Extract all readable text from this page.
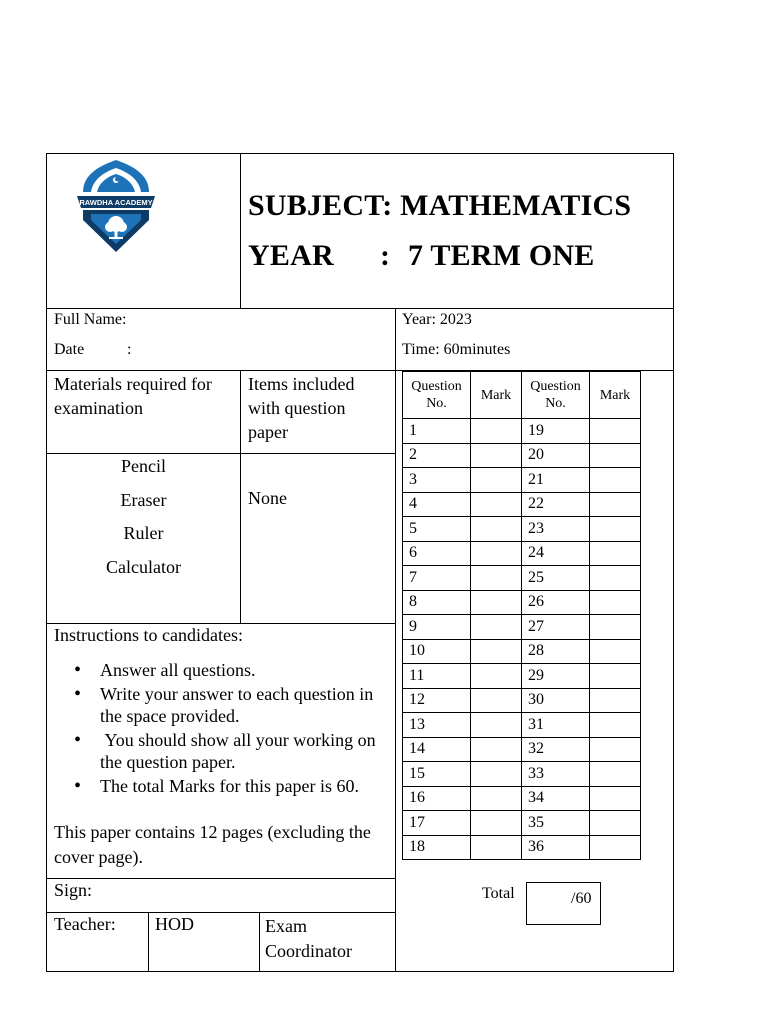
RAWDHA ACADEMY	SUBJECT: MATHEMATICS
YEAR : 7 TERM ONE
Full Name:
Date	:
Year: 2023
Time: 60minutes
Materials required for examination
Items included with question paper
Pencil
Eraser
Ruler
Calculator
None
Instructions to candidates:
• Answer all questions.
• Write your answer to each question in the space provided.
•  You should show all your working on the question paper.
• The total Marks for this paper is 60.
This paper contains 12 pages (excluding the cover page).
Sign:
Teacher: HOD	Exam Coordinator
Question No.	Mark	Question No.	Mark
1		19	
2		20	
3		21	
4		22	
5		23	
6		24	
7		25	
8		26	
9		27	
10		28	
11		29	
12		30	
13		31	
14		32	
15		33	
16		34	
17		35	
18		36	
Total	/60
